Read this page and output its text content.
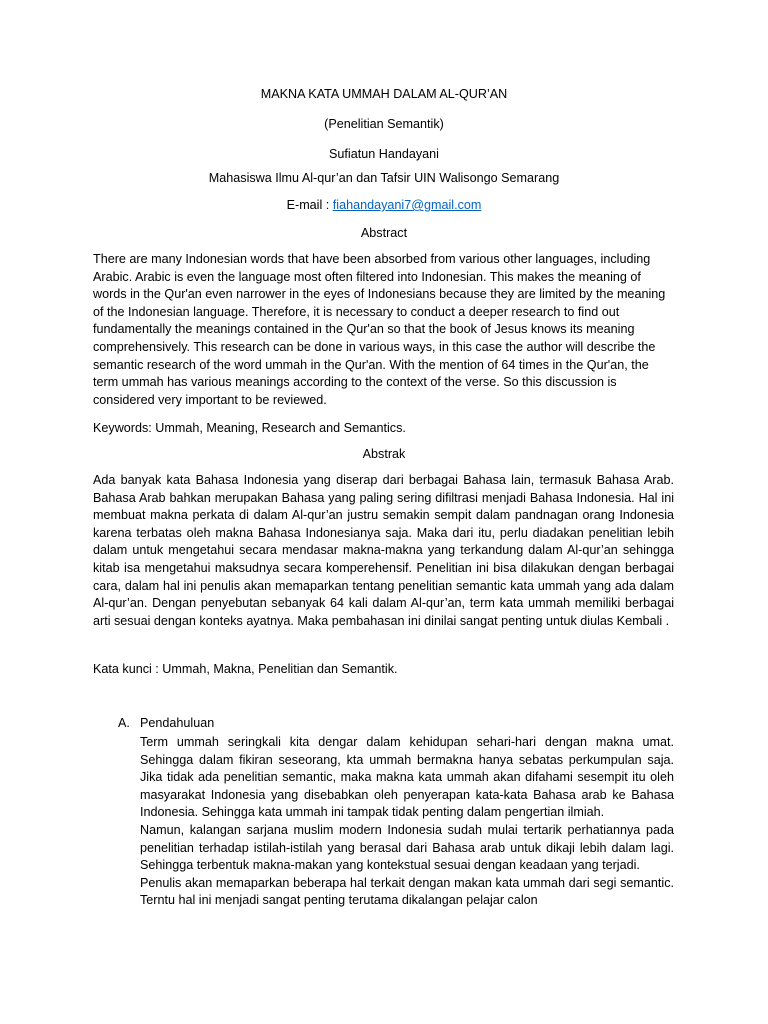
MAKNA KATA UMMAH DALAM AL-QUR’AN

(Penelitian Semantik)

Sufiatun Handayani

Mahasiswa Ilmu Al-qur’an dan Tafsir UIN Walisongo Semarang

E-mail : fiahandayani7@gmail.com

Abstract

There are many Indonesian words that have been absorbed from various other languages, including Arabic. Arabic is even the language most often filtered into Indonesian. This makes the meaning of words in the Qur'an even narrower in the eyes of Indonesians because they are limited by the meaning of the Indonesian language. Therefore, it is necessary to conduct a deeper research to find out fundamentally the meanings contained in the Qur'an so that the book of Jesus knows its meaning comprehensively. This research can be done in various ways, in this case the author will describe the semantic research of the word ummah in the Qur'an. With the mention of 64 times in the Qur'an, the term ummah has various meanings according to the context of the verse. So this discussion is considered very important to be reviewed.

Keywords: Ummah, Meaning, Research and Semantics.

Abstrak

Ada banyak kata Bahasa Indonesia yang diserap dari berbagai Bahasa lain, termasuk Bahasa Arab. Bahasa Arab bahkan merupakan Bahasa yang paling sering difiltrasi menjadi Bahasa Indonesia. Hal ini membuat makna perkata di dalam Al-qur’an justru semakin sempit dalam pandnagan orang Indonesia karena terbatas oleh makna Bahasa Indonesianya saja. Maka dari itu, perlu diadakan penelitian lebih dalam untuk mengetahui secara mendasar makna-makna yang terkandung dalam Al-qur’an sehingga kitab isa mengetahui maksudnya secara komperehensif. Penelitian ini bisa dilakukan dengan berbagai cara, dalam hal ini penulis akan memaparkan tentang penelitian semantic kata ummah yang ada dalam Al-qur’an. Dengan penyebutan sebanyak 64 kali dalam Al-qur’an, term kata ummah memiliki berbagai arti sesuai dengan konteks ayatnya. Maka pembahasan ini dinilai sangat penting untuk diulas Kembali .

Kata kunci : Ummah, Makna, Penelitian dan Semantik.

A. Pendahuluan

Term ummah seringkali kita dengar dalam kehidupan sehari-hari dengan makna umat. Sehingga dalam fikiran seseorang, kta ummah bermakna hanya sebatas perkumpulan saja. Jika tidak ada penelitian semantic, maka makna kata ummah akan difahami sesempit itu oleh masyarakat Indonesia yang disebabkan oleh penyerapan kata-kata Bahasa arab ke Bahasa Indonesia. Sehingga kata ummah ini tampak tidak penting dalam pengertian ilmiah.

Namun, kalangan sarjana muslim modern Indonesia sudah mulai tertarik perhatiannya pada penelitian terhadap istilah-istilah yang berasal dari Bahasa arab untuk dikaji lebih dalam lagi. Sehingga terbentuk makna-makan yang kontekstual sesuai dengan keadaan yang terjadi.

Penulis akan memaparkan beberapa hal terkait dengan makan kata ummah dari segi semantic. Terntu hal ini menjadi sangat penting terutama dikalangan pelajar calon
